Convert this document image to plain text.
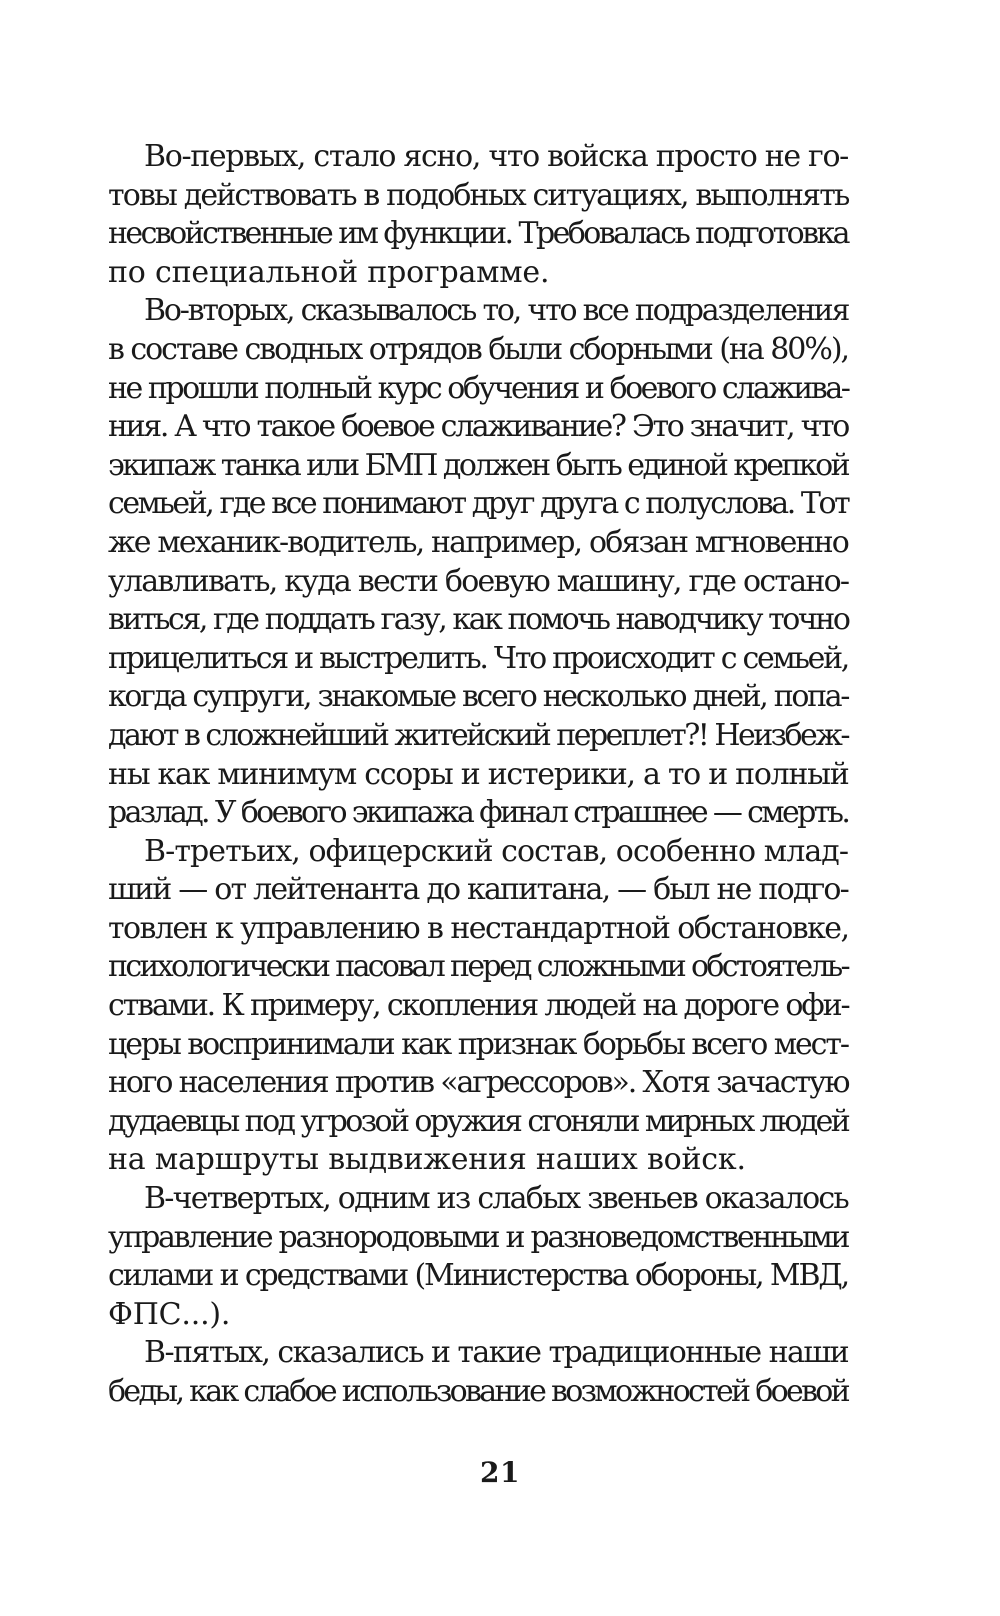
Во-первых, стало ясно, что войска просто не го-
товы действовать в подобных ситуациях, выполнять
несвойственные им функции. Требовалась подготовка
по специальной программе.
Во-вторых, сказывалось то, что все подразделения
в составе сводных отрядов были сборными (на 80%),
не прошли полный курс обучения и боевого слажива-
ния. А что такое боевое слаживание? Это значит, что
экипаж танка или БМП должен быть единой крепкой
семьей, где все понимают друг друга с полуслова. Тот
же механик-водитель, например, обязан мгновенно
улавливать, куда вести боевую машину, где остано-
виться, где поддать газу, как помочь наводчику точно
прицелиться и выстрелить. Что происходит с семьей,
когда супруги, знакомые всего несколько дней, попа-
дают в сложнейший житейский переплет?! Неизбеж-
ны как минимум ссоры и истерики, а то и полный
разлад. У боевого экипажа финал страшнее — смерть.
В-третьих, офицерский состав, особенно млад-
ший — от лейтенанта до капитана, — был не подго-
товлен к управлению в нестандартной обстановке,
психологически пасовал перед сложными обстоятель-
ствами. К примеру, скопления людей на дороге офи-
церы воспринимали как признак борьбы всего мест-
ного населения против «агрессоров». Хотя зачастую
дудаевцы под угрозой оружия сгоняли мирных людей
на маршруты выдвижения наших войск.
В-четвертых, одним из слабых звеньев оказалось
управление разнородовыми и разноведомственными
силами и средствами (Министерства обороны, МВД,
ФПС...).
В-пятых, сказались и такие традиционные наши
беды, как слабое использование возможностей боевой
21
